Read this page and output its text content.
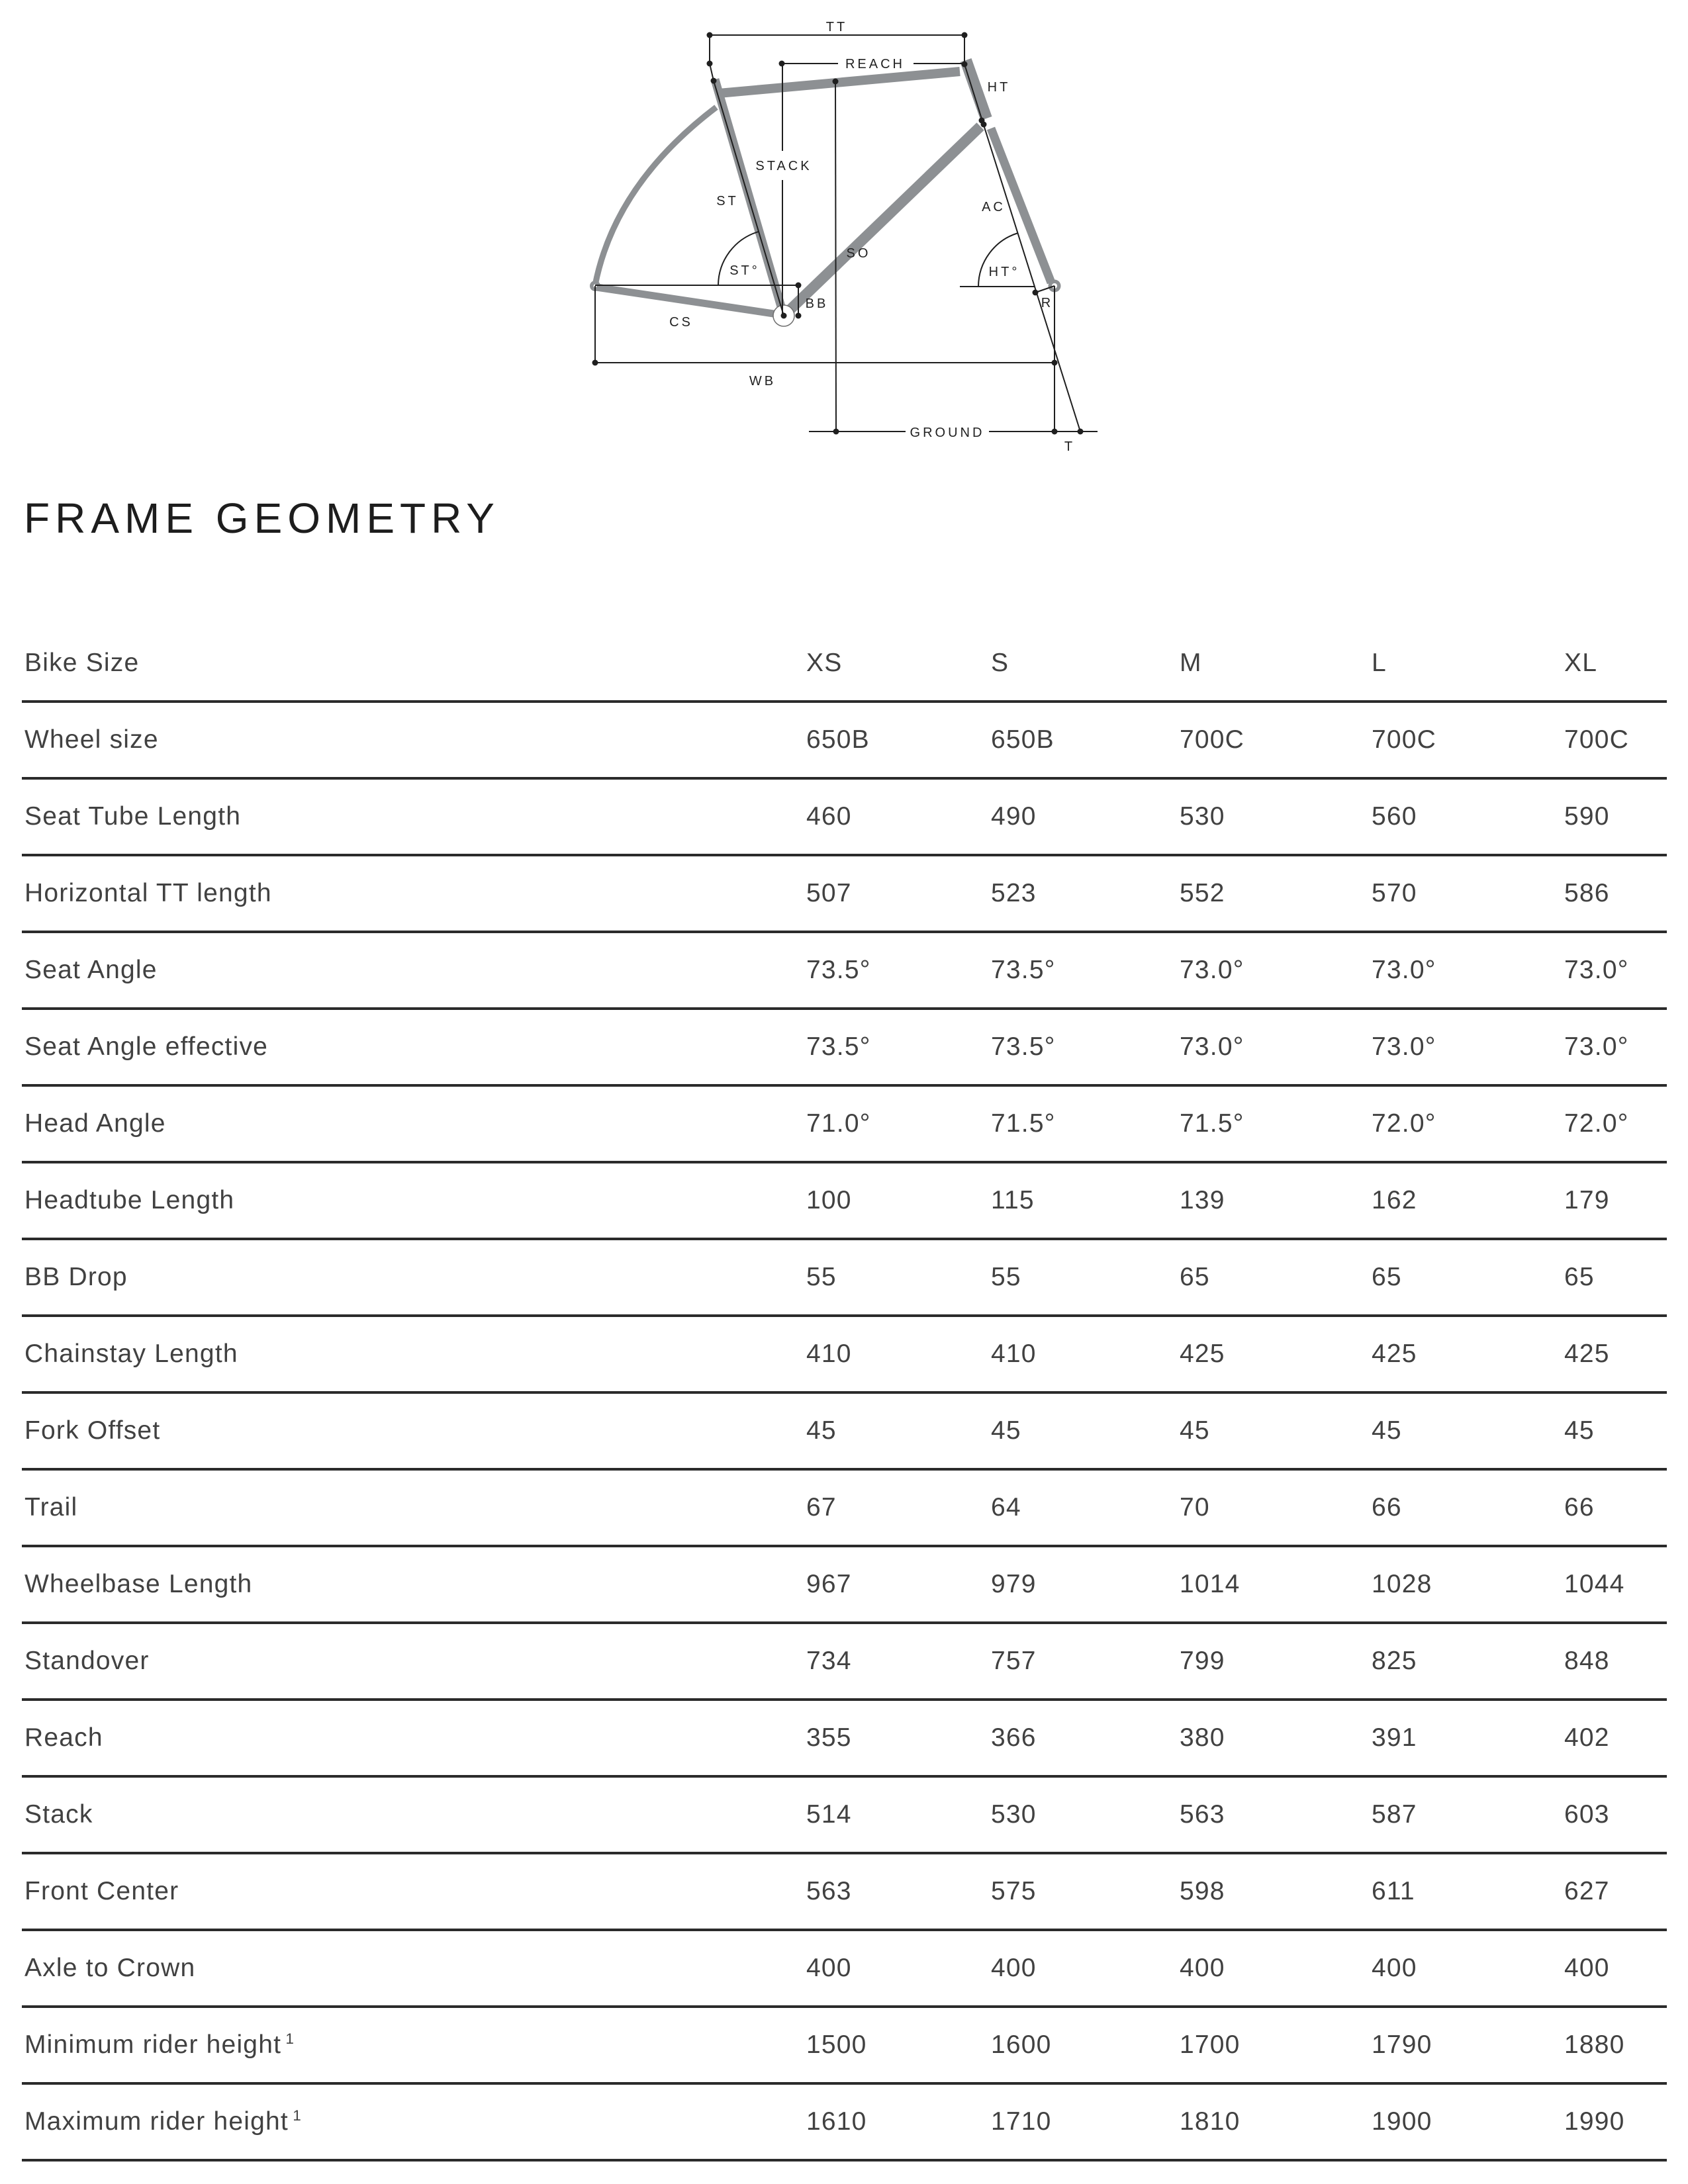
TT
REACH
HT
STACK
ST	AC
SO
ST°	HT°
BB
CS
WB
GROUND
R
T
FRAME GEOMETRY
Bike Size	XS	S	M	L	XL
Wheel size	650B	650B	700C	700C	700C
Seat Tube Length	460	490	530	560	590
Horizontal TT length	507	523	552	570	586
Seat Angle	73.5°	73.5°	73.0°	73.0°	73.0°
Seat Angle effective	73.5°	73.5°	73.0°	73.0°	73.0°
Head Angle	71.0°	71.5°	71.5°	72.0°	72.0°
Headtube Length	100	115	139	162	179
BB Drop	55	55	65	65	65
Chainstay Length	410	410	425	425	425
Fork Offset	45	45	45	45	45
Trail	67	64	70	66	66
Wheelbase Length	967	979	1014	1028	1044
Standover	734	757	799	825	848
Reach	355	366	380	391	402
Stack	514	530	563	587	603
Front Center	563	575	598	611	627
Axle to Crown	400	400	400	400	400
Minimum rider height $^1$	1500	1600	1700	1790	1880
Maximum rider height $^1$	1610	1710	1810	1900	1990
